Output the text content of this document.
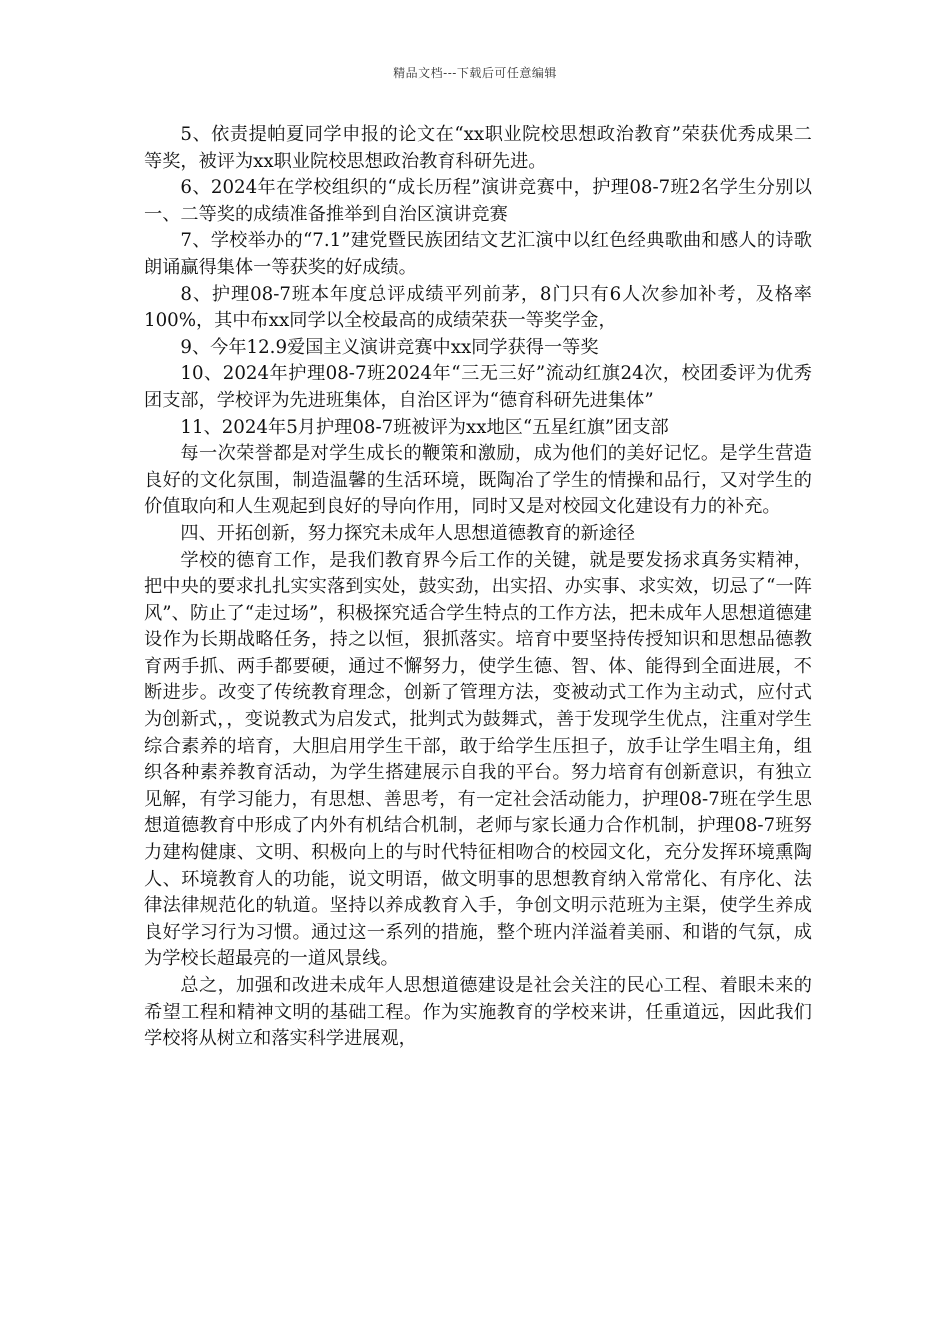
精品文档---下载后可任意编辑

5、依责提帕夏同学申报的论文在“xx职业院校思想政治教育”荣获优秀成果二等奖，被评为xx职业院校思想政治教育科研先进。

6、2024年在学校组织的“成长历程”演讲竞赛中，护理08-7班2名学生分别以一、二等奖的成绩准备推举到自治区演讲竞赛

7、学校举办的“7.1”建党暨民族团结文艺汇演中以红色经典歌曲和感人的诗歌朗诵赢得集体一等获奖的好成绩。

8、护理08-7班本年度总评成绩平列前茅，8门只有6人次参加补考，及格率100%，其中布xx同学以全校最高的成绩荣获一等奖学金，

9、今年12.9爱国主义演讲竞赛中xx同学获得一等奖

10、2024年护理08-7班2024年“三无三好”流动红旗24次，校团委评为优秀团支部，学校评为先进班集体，自治区评为“德育科研先进集体”

11、2024年5月护理08-7班被评为xx地区“五星红旗”团支部

每一次荣誉都是对学生成长的鞭策和激励，成为他们的美好记忆。是学生营造良好的文化氛围，制造温馨的生活环境，既陶冶了学生的情操和品行，又对学生的价值取向和人生观起到良好的导向作用，同时又是对校园文化建设有力的补充。

四、开拓创新，努力探究未成年人思想道德教育的新途径

学校的德育工作，是我们教育界今后工作的关键，就是要发扬求真务实精神，把中央的要求扎扎实实落到实处，鼓实劲，出实招、办实事、求实效，切忌了“一阵风”、防止了“走过场”，积极探究适合学生特点的工作方法，把未成年人思想道德建设作为长期战略任务，持之以恒，狠抓落实。培育中要坚持传授知识和思想品德教育两手抓、两手都要硬，通过不懈努力，使学生德、智、体、能得到全面进展，不断进步。改变了传统教育理念，创新了管理方法，变被动式工作为主动式，应付式为创新式，，变说教式为启发式，批判式为鼓舞式，善于发现学生优点，注重对学生综合素养的培育，大胆启用学生干部，敢于给学生压担子，放手让学生唱主角，组织各种素养教育活动，为学生搭建展示自我的平台。努力培育有创新意识，有独立见解，有学习能力，有思想、善思考，有一定社会活动能力，护理08-7班在学生思想道德教育中形成了内外有机结合机制，老师与家长通力合作机制，护理08-7班努力建构健康、文明、积极向上的与时代特征相吻合的校园文化，充分发挥环境熏陶人、环境教育人的功能，说文明语，做文明事的思想教育纳入常常化、有序化、法律法律规范化的轨道。坚持以养成教育入手，争创文明示范班为主渠，使学生养成良好学习行为习惯。通过这一系列的措施，整个班内洋溢着美丽、和谐的气氛，成为学校长超最亮的一道风景线。

总之，加强和改进未成年人思想道德建设是社会关注的民心工程、着眼未来的希望工程和精神文明的基础工程。作为实施教育的学校来讲，任重道远，因此我们学校将从树立和落实科学进展观，
